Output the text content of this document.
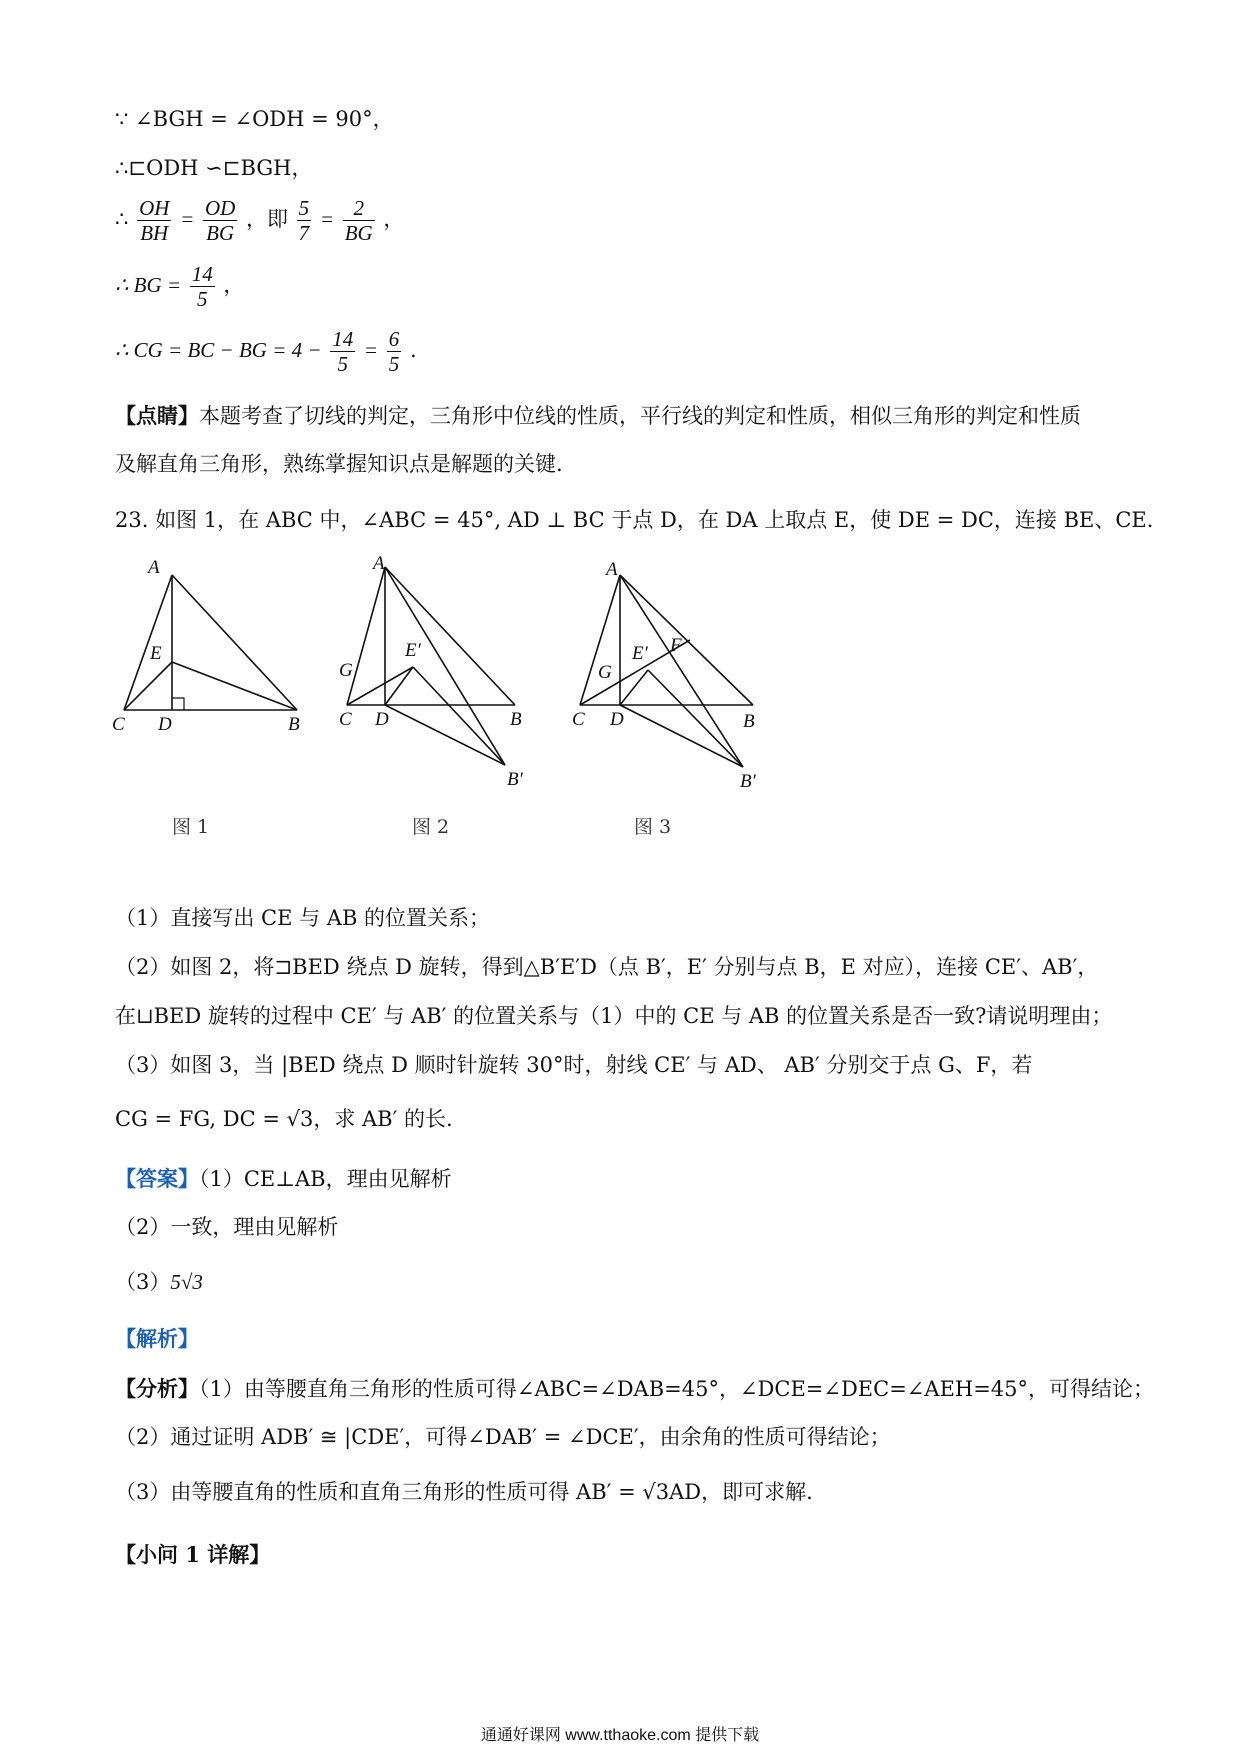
∵ ∠BGH = ∠ODH = 90°，
∴⊏ODH ∽⊏BGH，
∴ $\frac{OH}{BH} = \frac{OD}{BG}$ ，即 $\frac{5}{7} = \frac{2}{BG}$ ，
∴ BG = $\frac{14}{5}$ ，
∴ CG = BC − BG = $4 - \frac{14}{5} = \frac{6}{5}$ .
【点睛】本题考查了切线的判定，三角形中位线的性质，平行线的判定和性质，相似三角形的判定和性质
及解直角三角形，熟练掌握知识点是解题的关键.
23. 如图 1，在 ABC 中，∠ABC = 45°, AD ⊥ BC 于点 D，在 DA 上取点 E，使 DE = DC，连接 BE、CE.
A
E
C D	B
图 1
A
G
E′
C D	B
B′
图 2
A
G
E′ F
C D	B
B′
图 3
（1）直接写出 CE 与 AB 的位置关系；
（2）如图 2，将⊐BED 绕点 D 旋转，得到△B′E′D（点 B′，E′ 分别与点 B，E 对应），连接 CE′、AB′，
在⊔BED 旋转的过程中 CE′ 与 AB′ 的位置关系与（1）中的 CE 与 AB 的位置关系是否一致?请说明理由；
（3）如图 3，当 |BED 绕点 D 顺时针旋转 30°时，射线 CE′ 与 AD、 AB′ 分别交于点 G、F，若
CG = FG, DC = √3，求 AB′ 的长.
【答案】（1）CE⊥AB，理由见解析
（2）一致，理由见解析
（3）5√3
【解析】
【分析】（1）由等腰直角三角形的性质可得∠ABC=∠DAB=45°，∠DCE=∠DEC=∠AEH=45°，可得结论；
（2）通过证明 ADB′ ≅ |CDE′，可得∠DAB′ = ∠DCE′，由余角的性质可得结论；
（3）由等腰直角的性质和直角三角形的性质可得 AB′ = √3AD，即可求解.
【小问 1 详解】
通通好课网 www.tthaoke.com 提供下载
